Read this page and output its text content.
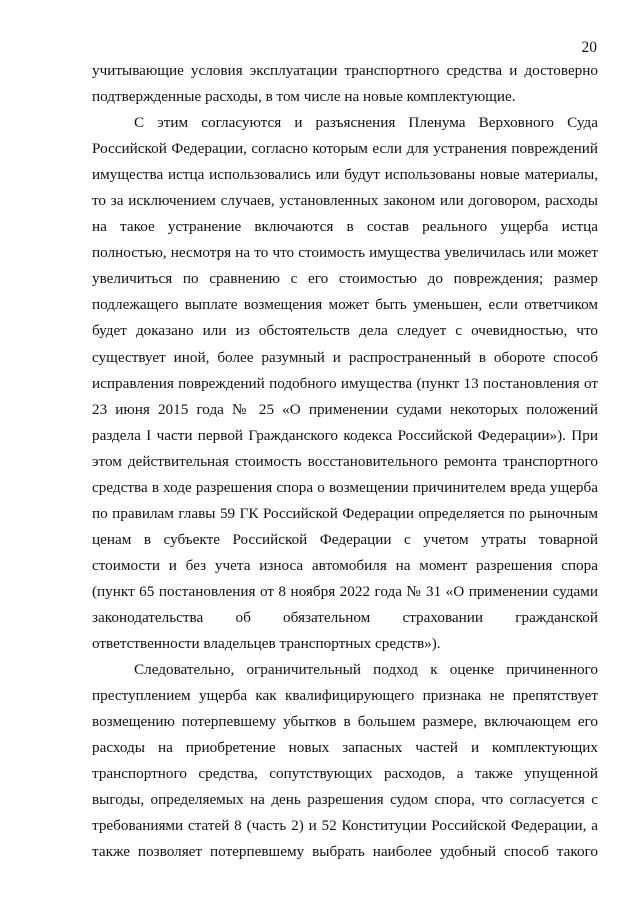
20
учитывающие условия эксплуатации транспортного средства и достоверно
подтвержденные расходы, в том числе на новые комплектующие.
С этим согласуются и разъяснения Пленума Верховного Суда
Российской Федерации, согласно которым если для устранения повреждений
имущества истца использовались или будут использованы новые материалы,
то за исключением случаев, установленных законом или договором, расходы
на такое устранение включаются в состав реального ущерба истца
полностью, несмотря на то что стоимость имущества увеличилась или может
увеличиться по сравнению с его стоимостью до повреждения; размер
подлежащего выплате возмещения может быть уменьшен, если ответчиком
будет доказано или из обстоятельств дела следует с очевидностью, что
существует иной, более разумный и распространенный в обороте способ
исправления повреждений подобного имущества (пункт 13 постановления от
23 июня 2015 года № 25 «О применении судами некоторых положений
раздела I части первой Гражданского кодекса Российской Федерации»). При
этом действительная стоимость восстановительного ремонта транспортного
средства в ходе разрешения спора о возмещении причинителем вреда ущерба
по правилам главы 59 ГК Российской Федерации определяется по рыночным
ценам в субъекте Российской Федерации с учетом утраты товарной
стоимости и без учета износа автомобиля на момент разрешения спора
(пункт 65 постановления от 8 ноября 2022 года № 31 «О применении судами
законодательства об обязательном страховании гражданской
ответственности владельцев транспортных средств»).
Следовательно, ограничительный подход к оценке причиненного
преступлением ущерба как квалифицирующего признака не препятствует
возмещению потерпевшему убытков в большем размере, включающем его
расходы на приобретение новых запасных частей и комплектующих
транспортного средства, сопутствующих расходов, а также упущенной
выгоды, определяемых на день разрешения судом спора, что согласуется с
требованиями статей 8 (часть 2) и 52 Конституции Российской Федерации, а
также позволяет потерпевшему выбрать наиболее удобный способ такого
